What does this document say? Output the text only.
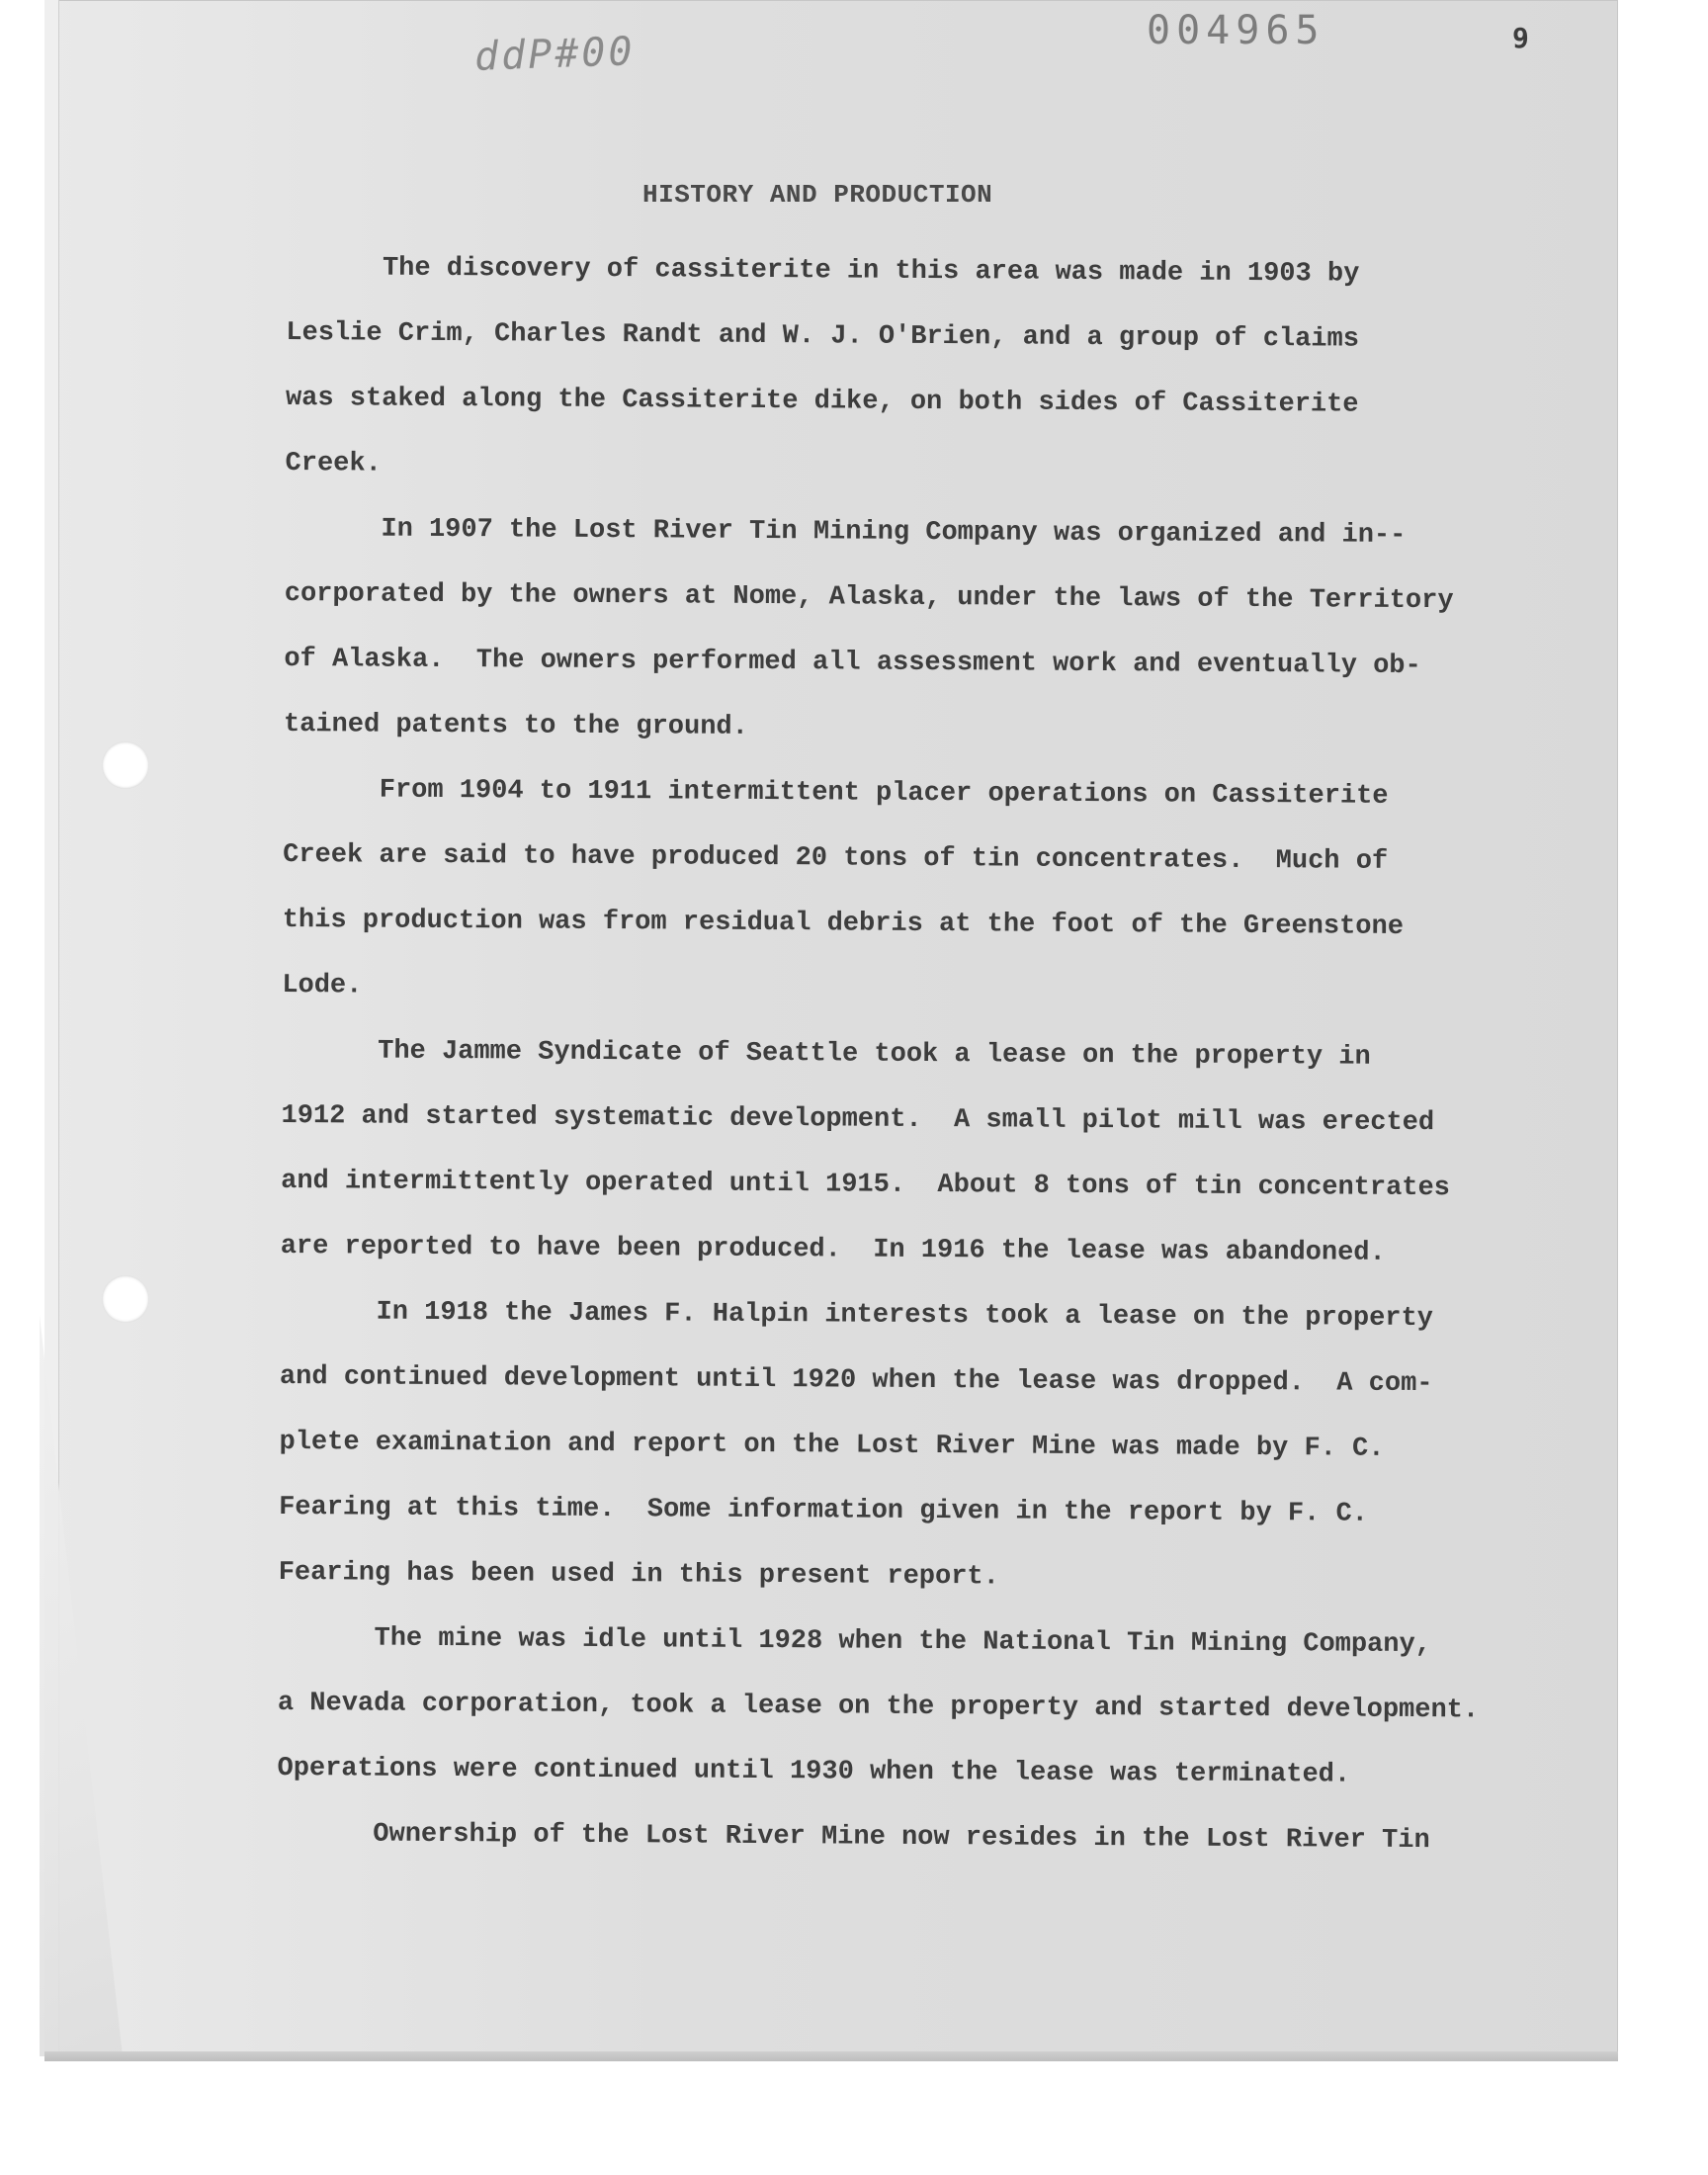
ddP#00	004965	9
HISTORY AND PRODUCTION
The discovery of cassiterite in this area was made in 1903 by
Leslie Crim, Charles Randt and W. J. O'Brien, and a group of claims
was staked along the Cassiterite dike, on both sides of Cassiterite
Creek.
In 1907 the Lost River Tin Mining Company was organized and in--
corporated by the owners at Nome, Alaska, under the laws of the Territory
of Alaska.  The owners performed all assessment work and eventually ob-
tained patents to the ground.
From 1904 to 1911 intermittent placer operations on Cassiterite
Creek are said to have produced 20 tons of tin concentrates.  Much of
this production was from residual debris at the foot of the Greenstone
Lode.
The Jamme Syndicate of Seattle took a lease on the property in
1912 and started systematic development.  A small pilot mill was erected
and intermittently operated until 1915.  About 8 tons of tin concentrates
are reported to have been produced.  In 1916 the lease was abandoned.
In 1918 the James F. Halpin interests took a lease on the property
and continued development until 1920 when the lease was dropped.  A com-
plete examination and report on the Lost River Mine was made by F. C.
Fearing at this time.  Some information given in the report by F. C.
Fearing has been used in this present report.
The mine was idle until 1928 when the National Tin Mining Company,
a Nevada corporation, took a lease on the property and started development.
Operations were continued until 1930 when the lease was terminated.
Ownership of the Lost River Mine now resides in the Lost River Tin
